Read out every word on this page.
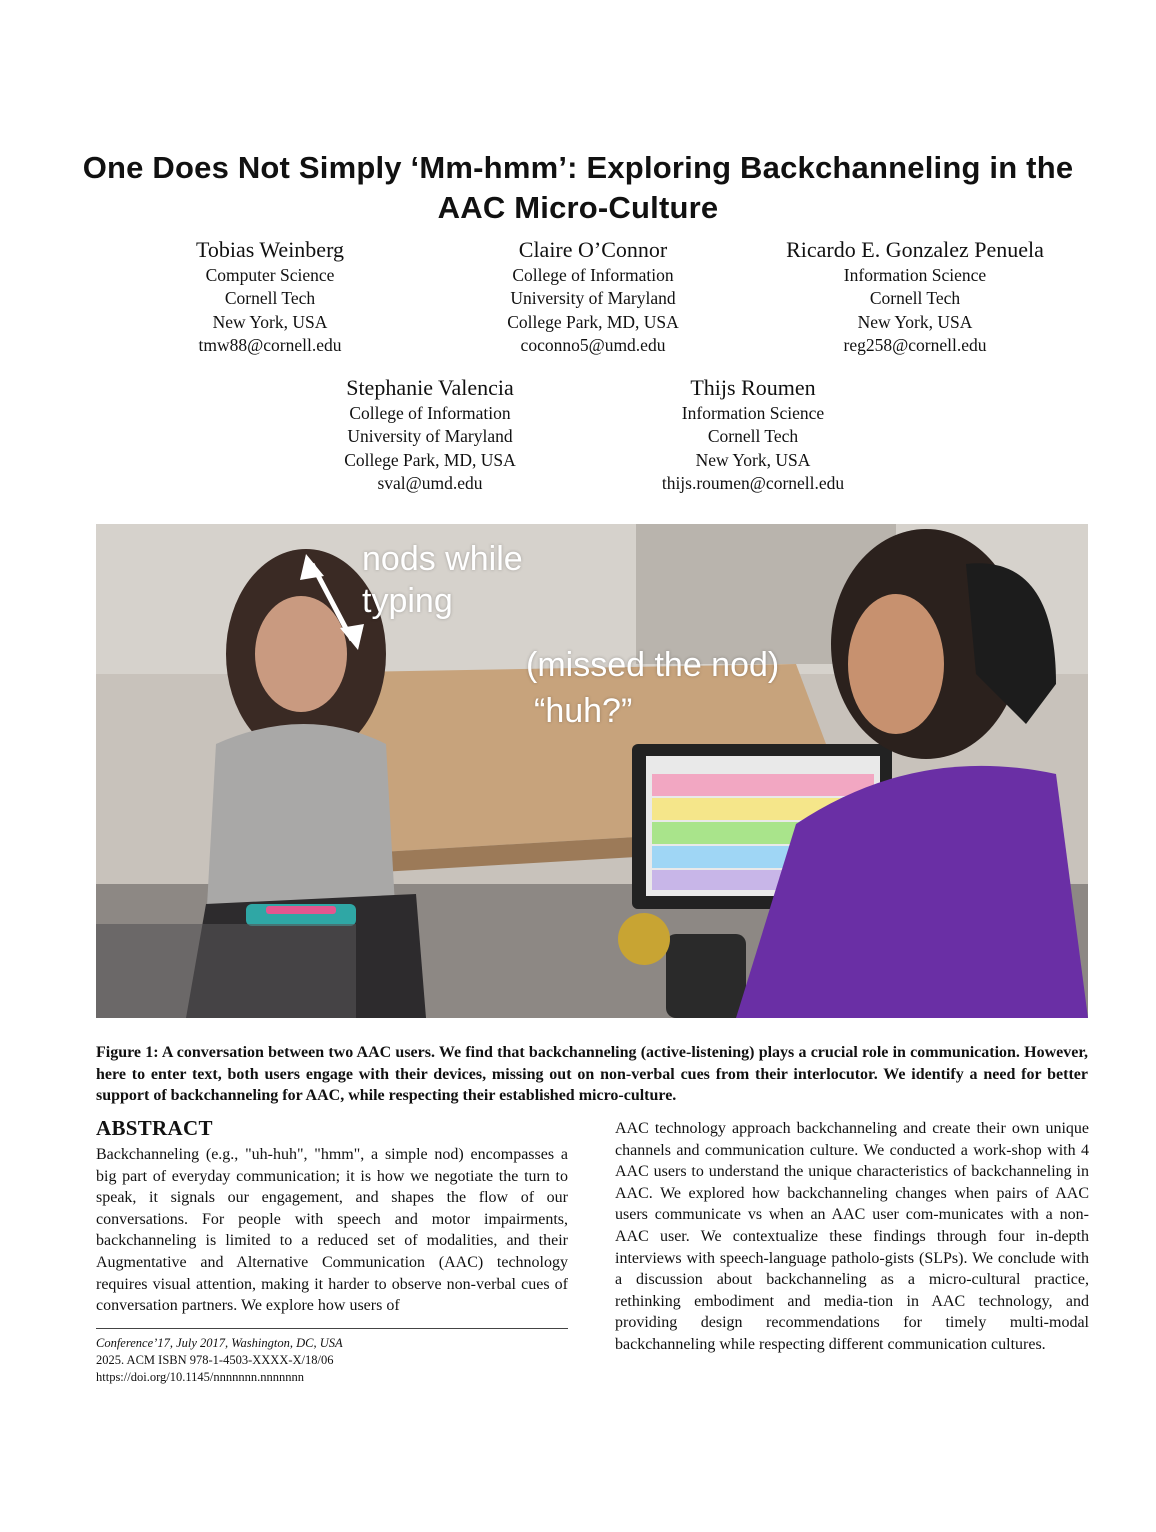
One Does Not Simply ‘Mm-hmm’: Exploring Backchanneling in the AAC Micro-Culture
Tobias Weinberg
Computer Science
Cornell Tech
New York, USA
tmw88@cornell.edu
Claire O’Connor
College of Information
University of Maryland
College Park, MD, USA
coconno5@umd.edu
Ricardo E. Gonzalez Penuela
Information Science
Cornell Tech
New York, USA
reg258@cornell.edu
Stephanie Valencia
College of Information
University of Maryland
College Park, MD, USA
sval@umd.edu
Thijs Roumen
Information Science
Cornell Tech
New York, USA
thijs.roumen@cornell.edu
nods while typing
(missed the nod)
“huh?”
Figure 1: A conversation between two AAC users. We find that backchanneling (active-listening) plays a crucial role in communication. However, here to enter text, both users engage with their devices, missing out on non-verbal cues from their interlocutor. We identify a need for better support of backchanneling for AAC, while respecting their established micro-culture.
ABSTRACT
Backchanneling (e.g., "uh-huh", "hmm", a simple nod) encompasses a big part of everyday communication; it is how we negotiate the turn to speak, it signals our engagement, and shapes the flow of our conversations. For people with speech and motor impairments, backchanneling is limited to a reduced set of modalities, and their Augmentative and Alternative Communication (AAC) technology requires visual attention, making it harder to observe non-verbal cues of conversation partners. We explore how users of
AAC technology approach backchanneling and create their own unique channels and communication culture. We conducted a work-shop with 4 AAC users to understand the unique characteristics of backchanneling in AAC. We explored how backchanneling changes when pairs of AAC users communicate vs when an AAC user com-municates with a non-AAC user. We contextualize these findings through four in-depth interviews with speech-language patholo-gists (SLPs). We conclude with a discussion about backchanneling as a micro-cultural practice, rethinking embodiment and media-tion in AAC technology, and providing design recommendations for timely multi-modal backchanneling while respecting different communication cultures.
Conference’17, July 2017, Washington, DC, USA
2025. ACM ISBN 978-1-4503-XXXX-X/18/06
https://doi.org/10.1145/nnnnnnn.nnnnnnn
